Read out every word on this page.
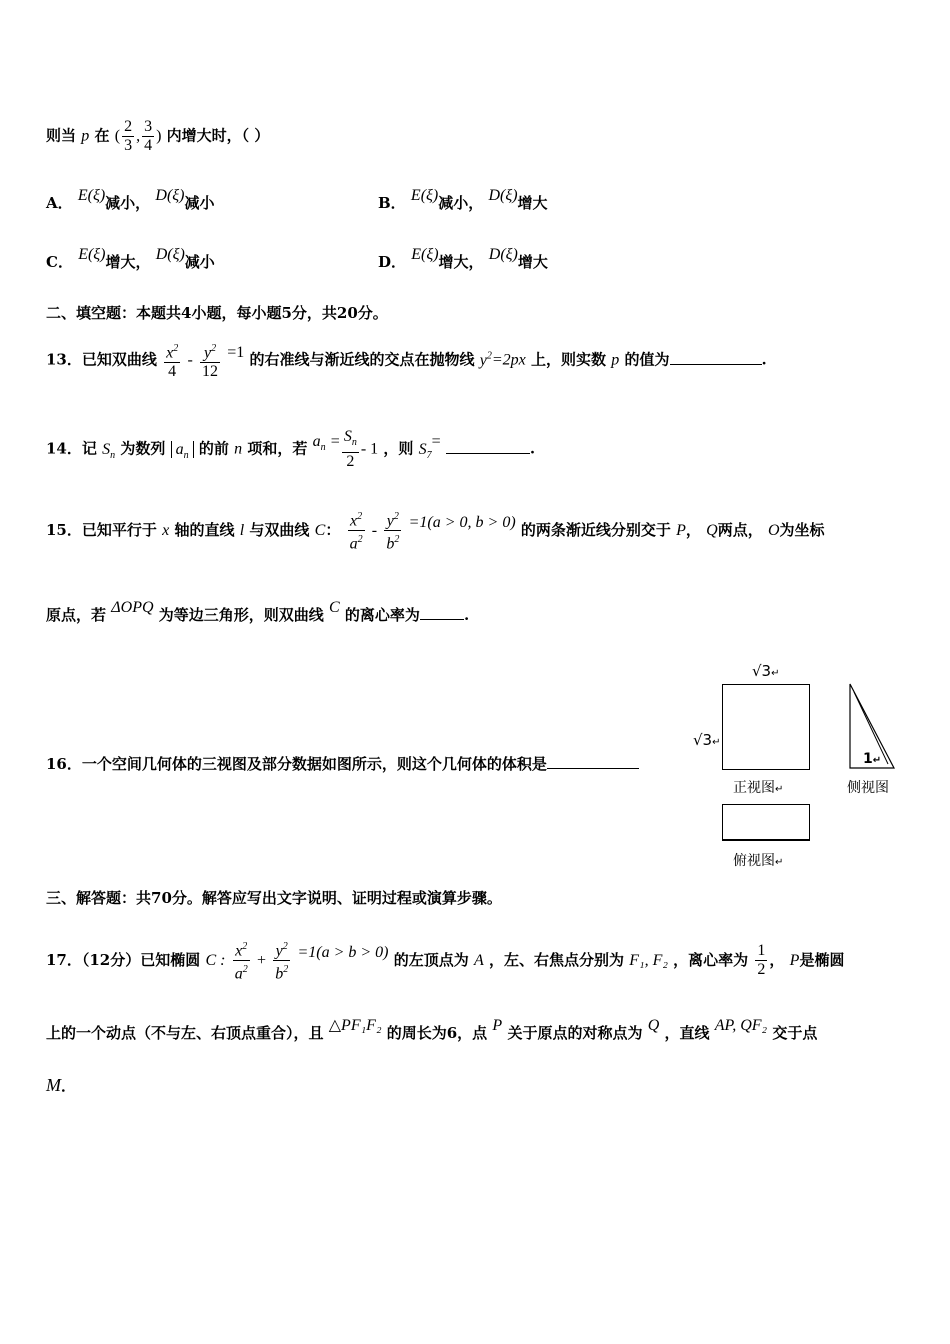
则当 p 在 ( $\frac{2}{3}$ , $\frac{3}{4}$ ) 内增大时，（ ）
A． E(ξ)减小， D(ξ)减小	B． E(ξ)减小， D(ξ)增大
C． E(ξ)增大， D(ξ)减小	D． E(ξ)增大， D(ξ)增大
二、填空题：本题共4小题，每小题5分，共20分。
13．已知双曲线 $\frac{x^2}{4} - \frac{y^2}{12} =1$ 的右准线与渐近线的交点在抛物线 $y^2=2px$ 上，则实数 p 的值为	.
14．记 $S_n$ 为数列 $a_n$ 的前 n 项和，若 $a_n = \frac{S_n}{2} - 1$ ，则 $S_7=$	.
15．已知平行于 x 轴的直线 l 与双曲线 C： $\frac{x^2}{a^2} - \frac{y^2}{b^2} =1(a > 0$, b > 0) 的两条渐近线分别交于 P， Q两点， O为坐标
原点，若 ΔOPQ 为等边三角形，则双曲线 C 的离心率为	.
16．一个空间几何体的三视图及部分数据如图所示，则这个几何体的体积是
√3↵
√3↵
正视图↵
1↵
侧视图
俯视图↵
三、解答题：共70分。解答应写出文字说明、证明过程或演算步骤。
17．（12分）已知椭圆 C : $\frac{x^2}{a^2} + \frac{y^2}{b^2} =1(a > b > 0)$ 的左顶点为 A ，左、右焦点分别为 F₁, F₂ ，离心率为 $\frac{1}{2}$ ， P是椭圆
上的一个动点（不与左、右顶点重合），且 △PF₁F₂ 的周长为6，点 P 关于原点的对称点为 Q ，直线 AP, QF₂ 交于点
M．
